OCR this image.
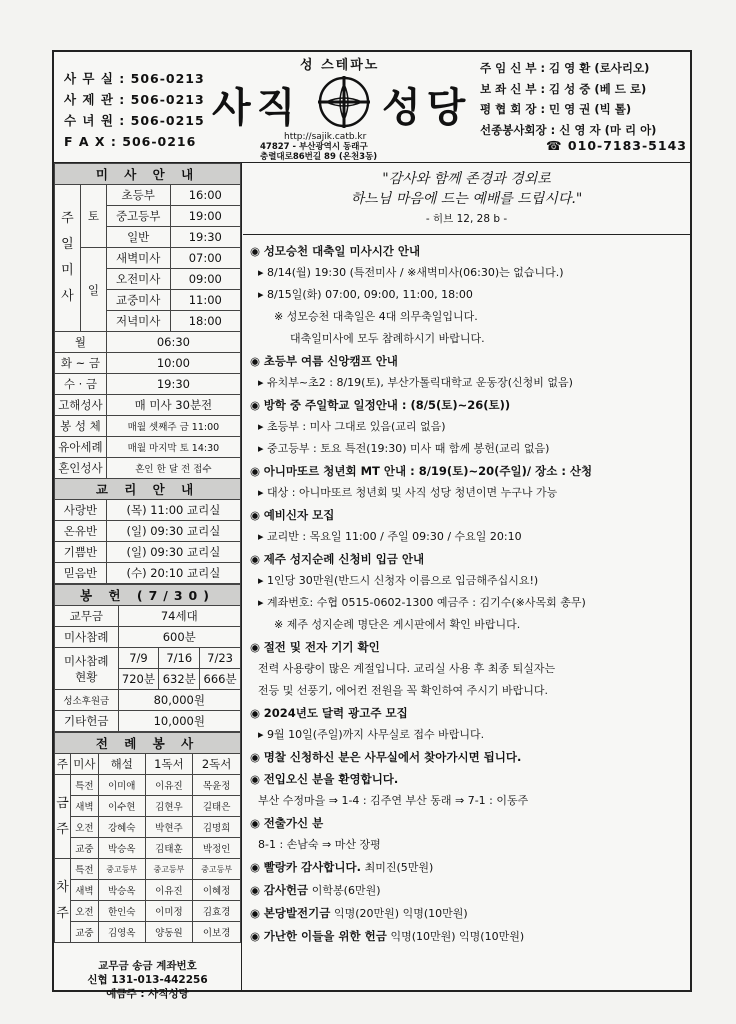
사 무 실 : 506-0213
사 제 관 : 506-0213
수 녀 원 : 506-0215
F A X : 506-0216
성 스테파노
사직 성당
http://sajik.catb.kr
47827 - 부산광역시 동래구
충렬대로86번길 89 (온천3동)
주 임 신 부 : 김 영 환 (로사리오)
보 좌 신 부 : 김 성 중 (베 드 로)
평 협 회 장 : 민 영 권 (빅 톨)
선종봉사회장 : 신 영 자 (마 리 아)
☎ 010-7183-5143
미 사 안 내			
주
일
미
사	토	초등부	16:00
		중고등부	19:00
		일반	19:30
	일	새벽미사	07:00
		오전미사	09:00
		교중미사	11:00
		저녁미사	18:00
월		06:30	
화 ~ 금		10:00	
수 · 금		19:30	
고해성사		매 미사 30분전	
봉 성 체		매월 셋째주 금 11:00	
유아세례		매월 마지막 토 14:30	
혼인성사		혼인 한 달 전 접수	
교 리 안 내			
사랑반		(목) 11:00 교리실	
온유반		(일) 09:30 교리실	
기쁨반		(일) 09:30 교리실	
믿음반		(수) 20:10 교리실	
봉 헌 (7/30)			
교무금	74세대		
미사참례	600분		
미사참례
현황	7/9	7/16	7/23
	720분	632분	666분
성소후원금	80,000원		
기타헌금	10,000원		
전 례 봉 사				
주	미사	해설	1독서	2독서
금
주	특전	이미애	이유진	목윤정
	새벽	이수현	김현우	길태은
	오전	강혜숙	박현주	김명희
	교중	박승옥	김태훈	박정인
차
주	특전	중고등부	중고등부	중고등부
	새벽	박승옥	이유진	이혜정
	오전	한인숙	이미정	김효경
	교중	김영옥	양동원	이보경
교무금 송금 계좌번호
신협 131-013-442256
예금주 : 사직성당
"감사와 함께 존경과 경외로
하느님 마음에 드는 예배를 드립시다."
- 히브 12, 28 b -
◉ 성모승천 대축일 미사시간 안내
▸ 8/14(월) 19:30 (특전미사 / ※새벽미사(06:30)는 없습니다.)
▸ 8/15일(화) 07:00, 09:00, 11:00, 18:00
※ 성모승천 대축일은 4대 의무축일입니다.
대축일미사에 모두 참례하시기 바랍니다.
◉ 초등부 여름 신앙캠프 안내
▸ 유치부~초2 : 8/19(토), 부산가톨릭대학교 운동장(신청비 없음)
◉ 방학 중 주일학교 일정안내 : (8/5(토)~26(토))
▸ 초등부 : 미사 그대로 있음(교리 없음)
▸ 중고등부 : 토요 특전(19:30) 미사 때 함께 봉헌(교리 없음)
◉ 아니마또르 청년회 MT 안내 : 8/19(토)~20(주일)/ 장소 : 산청
▸ 대상 : 아니마또르 청년회 및 사직 성당 청년이면 누구나 가능
◉ 예비신자 모집
▸ 교리반 : 목요일 11:00 / 주일 09:30 / 수요일 20:10
◉ 제주 성지순례 신청비 입금 안내
▸ 1인당 30만원(반드시 신청자 이름으로 입금해주십시요!)
▸ 계좌번호: 수협 0515-0602-1300 예금주 : 김기수(※사목회 총무)
※ 제주 성지순례 명단은 게시판에서 확인 바랍니다.
◉ 절전 및 전자 기기 확인
전력 사용량이 많은 계절입니다. 교리실 사용 후 최종 퇴실자는
전등 및 선풍기, 에어컨 전원을 꼭 확인하여 주시기 바랍니다.
◉ 2024년도 달력 광고주 모집
▸ 9월 10일(주일)까지 사무실로 접수 바랍니다.
◉ 명찰 신청하신 분은 사무실에서 찾아가시면 됩니다.
◉ 전입오신 분을 환영합니다.
부산 수정마을 ⇒ 1-4 : 김주연 부산 동래 ⇒ 7-1 : 이동주
◉ 전출가신 분
8-1 : 손남숙 ⇒ 마산 장평
◉ 빨랑카 감사합니다. 최미진(5만원)
◉ 감사헌금 이학봉(6만원)
◉ 본당발전기금 익명(20만원) 익명(10만원)
◉ 가난한 이들을 위한 헌금 익명(10만원) 익명(10만원)
